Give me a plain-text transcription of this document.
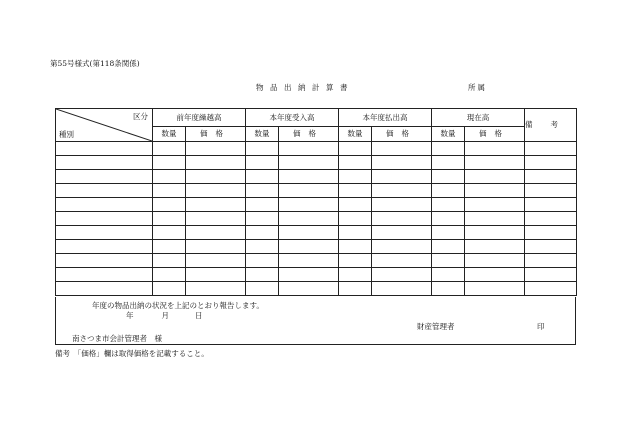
第55号様式(第118条関係)
物品出納計算書	所属
区分
種別	前年度繰越高		本年度受入高		本年度払出高		現在高		備考
	数量	価格	数量	価格	数量	価格	数量	価格	

年度の物品出納の状況を上記のとおり報告します。
年	月	日
財産管理者	印
南さつま市会計管理者　様
備考　「価格」欄は取得価格を記載すること。
